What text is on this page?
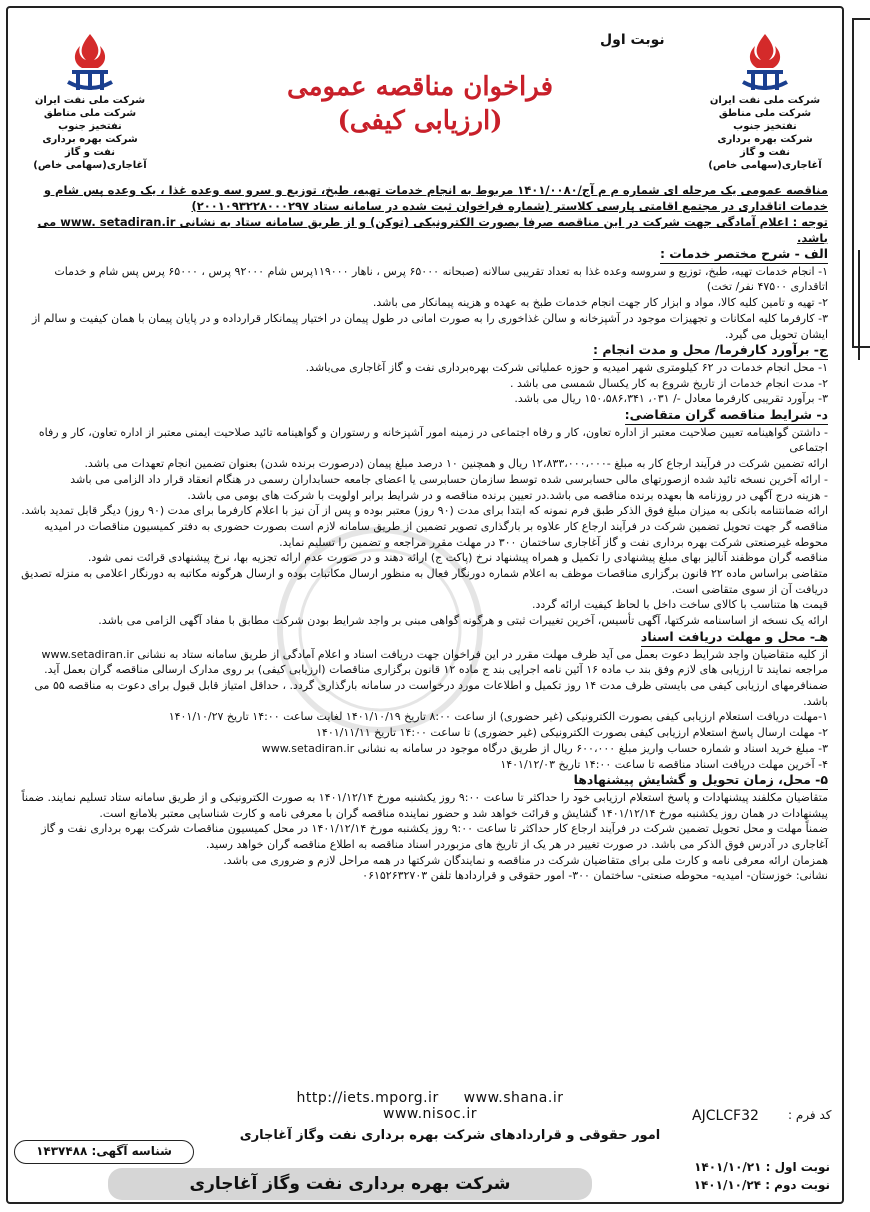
شرکت ملی نفت ایران
شرکت ملی مناطق نفتخیز جنوب
شرکت بهره برداری نفت و گاز
آغاجاری(سهامی خاص)
شرکت ملی نفت ایران
شرکت ملی مناطق نفتخیز جنوب
شرکت بهره برداری نفت و گاز
آغاجاری(سهامی خاص)
نوبت اول
فراخوان مناقصه عمومی
(ارزیابی کیفی)

مناقصه عمومی یک مرحله ای شماره م م آج/۱۴۰۱/۰۰۸۰ مربوط به انجام خدمات تهیه، طبخ، توزیع و سرو سه وعده غذا ، یک وعده پس شام و خدمات اتاقداری در مجتمع اقامتی پارسی کلاستر (شماره فراخوان ثبت شده در سامانه ستاد ۲۰۰۱۰۹۳۲۲۸۰۰۰۲۹۷)

توجه : اعلام آمادگی جهت شرکت در این مناقصه صرفا بصورت الکترونیکی (توکن) و از طریق سامانه ستاد به نشانی www. setadiran.ir می باشد.

الف - شرح مختصر خدمات :

۱- انجام خدمات تهیه، طبخ، توزیع و سروسه وعده غذا به تعداد تقریبی سالانه (صبحانه ۶۵۰۰۰ پرس ، ناهار ۱۱۹۰۰۰پرس شام ۹۲۰۰۰ پرس ، ۶۵۰۰۰ پرس پس شام و خدمات اتاقداری ۴۷۵۰۰ نفر/ تخت)

۲- تهیه و تامین کلیه کالا، مواد و ابزار کار جهت انجام خدمات طبخ به عهده و هزینه پیمانکار می باشد.

۳- کارفرما کلیه امکانات و تجهیزات موجود در آشپزخانه و سالن غذاخوری را به صورت امانی در طول پیمان در اختیار پیمانکار قرارداده و در پایان پیمان با همان کیفیت و سالم از ایشان تحویل می گیرد.

ج- برآورد کارفرما/ محل و مدت انجام :

۱- محل انجام خدمات در ۶۲ کیلومتری شهر امیدیه و حوزه عملیاتی شرکت بهره‌برداری نفت و گاز آغاجاری می‌باشد.

۲- مدت انجام خدمات از تاریخ شروع به کار یکسال شمسی می باشد .

۳- برآورد تقریبی کارفرما معادل -/ ۰۳۱، ۱۵۰،۵۸۶،۳۴۱ ریال می باشد.

د- شرایط مناقصه گران متقاضی:

- داشتن گواهینامه تعیین صلاحیت معتبر از اداره تعاون، کار و رفاه اجتماعی در زمینه امور آشپزخانه و رستوران و گواهینامه تائید صلاحیت ایمنی معتبر از اداره تعاون، کار و رفاه اجتماعی

ارائه تضمین شرکت در فرآیند ارجاع کار به مبلغ -۱۲،۸۳۳،۰۰۰،۰۰۰ ریال و همچنین ۱۰ درصد مبلغ پیمان (درصورت برنده شدن) بعنوان تضمین انجام تعهدات می باشد.

- ارائه آخرین نسخه تائید شده ازصورتهای مالی حسابرسی شده توسط سازمان حسابرسی یا اعضای جامعه حسابداران رسمی در هنگام انعقاد قرار داد الزامی می باشد

- هزینه درج آگهی در روزنامه ها بعهده برنده مناقصه می باشد.در تعیین برنده مناقصه و در شرایط برابر اولویت با شرکت های بومی می باشد.

ارائه ضمانتنامه بانکی به میزان مبلغ فوق الذکر طبق فرم نمونه که ابتدا برای مدت (۹۰ روز) معتبر بوده و پس از آن نیز با اعلام کارفرما برای مدت (۹۰ روز) دیگر قابل تمدید باشد.

مناقصه گر جهت تحویل تضمین شرکت در فرآیند ارجاع کار علاوه بر بارگذاری تصویر تضمین از طریق سامانه لازم است بصورت حضوری به دفتر کمیسیون مناقصات در امیدیه محوطه غیرصنعتی شرکت بهره برداری نفت و گاز آغاجاری ساختمان ۳۰۰ در مهلت مقرر مراجعه و تضمین را تسلیم نماید.

مناقصه گران موظفند آنالیز بهای مبلغ پیشنهادی را تکمیل و همراه پیشنهاد نرخ (پاکت ج) ارائه دهند و در صورت عدم ارائه تجزیه بها، نرخ پیشنهادی قرائت نمی شود.

متقاضی براساس ماده ۲۲ قانون برگزاری مناقصات موظف به اعلام شماره دورنگار فعال به منظور ارسال مکاتبات بوده و ارسال هرگونه مکاتبه به دورنگار اعلامی به منزله تصدیق دریافت آن از سوی متقاضی است.

قیمت ها متناسب با کالای ساخت داخل با لحاظ کیفیت ارائه گردد.

ارائه یک نسخه از اساسنامه شرکتها، آگهی تأسیس، آخرین تغییرات ثبتی و هرگونه گواهی مبنی بر واجد شرایط بودن شرکت مطابق با مفاد آگهی الزامی می باشد.

هـ- محل و مهلت دریافت اسناد

از کلیه متقاضیان واجد شرایط دعوت بعمل می آید ظرف مهلت مقرر در این فراخوان جهت دریافت اسناد و اعلام آمادگی از طریق سامانه ستاد به نشانی www.setadiran.ir مراجعه نمایند تا ارزیابی های لازم وفق بند ب ماده ۱۶ آئین نامه اجرایی بند ج ماده ۱۲ قانون برگزاری مناقصات (ارزیابی کیفی) بر روی مدارک ارسالی مناقصه گران بعمل آید. ضمنافرمهای ارزیابی کیفی می بایستی ظرف مدت ۱۴ روز تکمیل و اطلاعات مورد درخواست در سامانه بارگذاری گردد. ، حداقل امتیاز قابل قبول برای دعوت به مناقصه ۵۵ می باشد.

۱-مهلت دریافت استعلام ارزیابی کیفی بصورت الکترونیکی (غیر حضوری) از ساعت ۸:۰۰ تاریخ ۱۴۰۱/۱۰/۱۹ لغایت ساعت ۱۴:۰۰ تاریخ ۱۴۰۱/۱۰/۲۷

۲- مهلت ارسال پاسخ استعلام ارزیابی کیفی بصورت الکترونیکی (غیر حضوری) تا ساعت ۱۴:۰۰ تاریخ ۱۴۰۱/۱۱/۱۱

۳- مبلغ خرید اسناد و شماره حساب واریز مبلغ ۶۰۰،۰۰۰ ریال از طریق درگاه موجود در سامانه به نشانی www.setadiran.ir

۴- آخرین مهلت دریافت اسناد مناقصه تا ساعت ۱۴:۰۰ تاریخ ۱۴۰۱/۱۲/۰۳

۵- محل، زمان تحویل و گشایش پیشنهادها

متقاضیان مکلفند پیشنهادات و پاسخ استعلام ارزیابی خود را حداکثر تا ساعت ۹:۰۰ روز یکشنبه مورخ ۱۴۰۱/۱۲/۱۴ به صورت الکترونیکی و از طریق سامانه ستاد تسلیم نمایند. ضمناً پیشنهادات در همان روز یکشنبه مورخ ۱۴۰۱/۱۲/۱۴ گشایش و قرائت خواهد شد و حضور نماینده مناقصه گران با معرفی نامه و کارت شناسایی معتبر بلامانع است.

ضمناً مهلت و محل تحویل تضمین شرکت در فرآیند ارجاع کار حداکثر تا ساعت ۹:۰۰ روز یکشنبه مورخ ۱۴۰۱/۱۲/۱۴ در محل کمیسیون مناقصات شرکت بهره برداری نفت و گاز آغاجاری در آدرس فوق الذکر می باشد. در صورت تغییر در هر یک از تاریخ های مزبوردر اسناد مناقصه به اطلاع مناقصه گران خواهد رسید.

همزمان ارائه معرفی نامه و کارت ملی برای متقاضیان شرکت در مناقصه و نمایندگان شرکتها در همه مراحل لازم و ضروری می باشد.

نشانی: خوزستان- امیدیه- محوطه صنعتی- ساختمان ۳۰۰- امور حقوقی و قراردادها تلفن ۰۶۱۵۲۶۳۲۷۰۳

http://iets.mporg.ir www.shana.ir www.nisoc.ir	AJCLCF32 کد فرم :
امور حقوقی و قراردادهای شرکت بهره برداری نفت وگاز آغاجاری
شناسه آگهی: ۱۴۳۷۴۸۸
نوبت اول : ۱۴۰۱/۱۰/۲۱
نوبت دوم : ۱۴۰۱/۱۰/۲۴
شرکت بهره برداری نفت وگاز آغاجاری
